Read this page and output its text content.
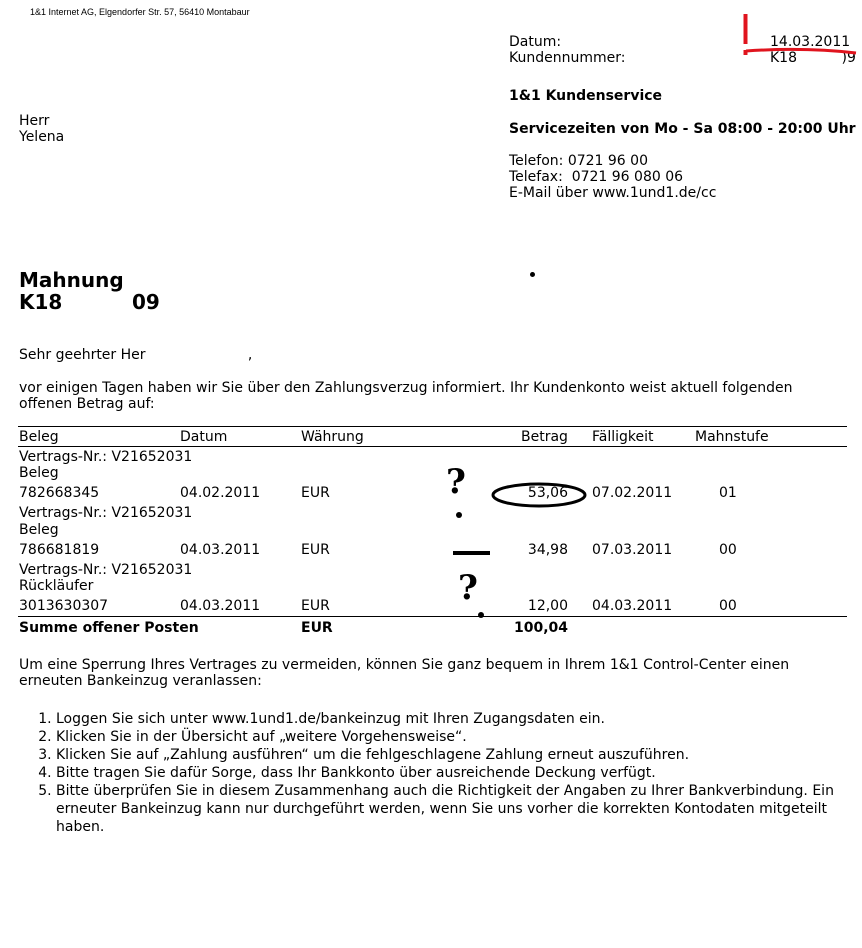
1&1 Internet AG, Elgendorfer Str. 57, 56410 Montabaur
Datum:	14.03.2011
Kundennummer:	K18          )9
1&1 Kundenservice
Servicezeiten von Mo - Sa 08:00 - 20:00 Uhr
Telefon: 0721 96 00
Telefax:  0721 96 080 06
E-Mail über www.1und1.de/cc
Herr
Yelena
Mahnung
K18          09
Sehr geehrter Her                       ,
vor einigen Tagen haben wir Sie über den Zahlungsverzug informiert. Ihr Kundenkonto weist aktuell folgenden offenen Betrag auf:
Beleg	Datum	Währung	Betrag Fälligkeit	Mahnstufe
Vertrags-Nr.: V21652031
Beleg
782668345	04.02.2011	EUR	53,06 07.02.2011	01
Vertrags-Nr.: V21652031
Beleg
786681819	04.03.2011	EUR	34,98 07.03.2011	00
Vertrags-Nr.: V21652031
Rückläufer
3013630307	04.03.2011	EUR	12,00 04.03.2011	00
Summe offener Posten	EUR	100,04
?
?
Um eine Sperrung Ihres Vertrages zu vermeiden, können Sie ganz bequem in Ihrem 1&1 Control-Center einen erneuten Bankeinzug veranlassen:
1. Loggen Sie sich unter www.1und1.de/bankeinzug mit Ihren Zugangsdaten ein.
2. Klicken Sie in der Übersicht auf „weitere Vorgehensweise“.
3. Klicken Sie auf „Zahlung ausführen“ um die fehlgeschlagene Zahlung erneut auszuführen.
4. Bitte tragen Sie dafür Sorge, dass Ihr Bankkonto über ausreichende Deckung verfügt.
5. Bitte überprüfen Sie in diesem Zusammenhang auch die Richtigkeit der Angaben zu Ihrer Bankverbindung. Ein erneuter Bankeinzug kann nur durchgeführt werden, wenn Sie uns vorher die korrekten Kontodaten mitgeteilt haben.
